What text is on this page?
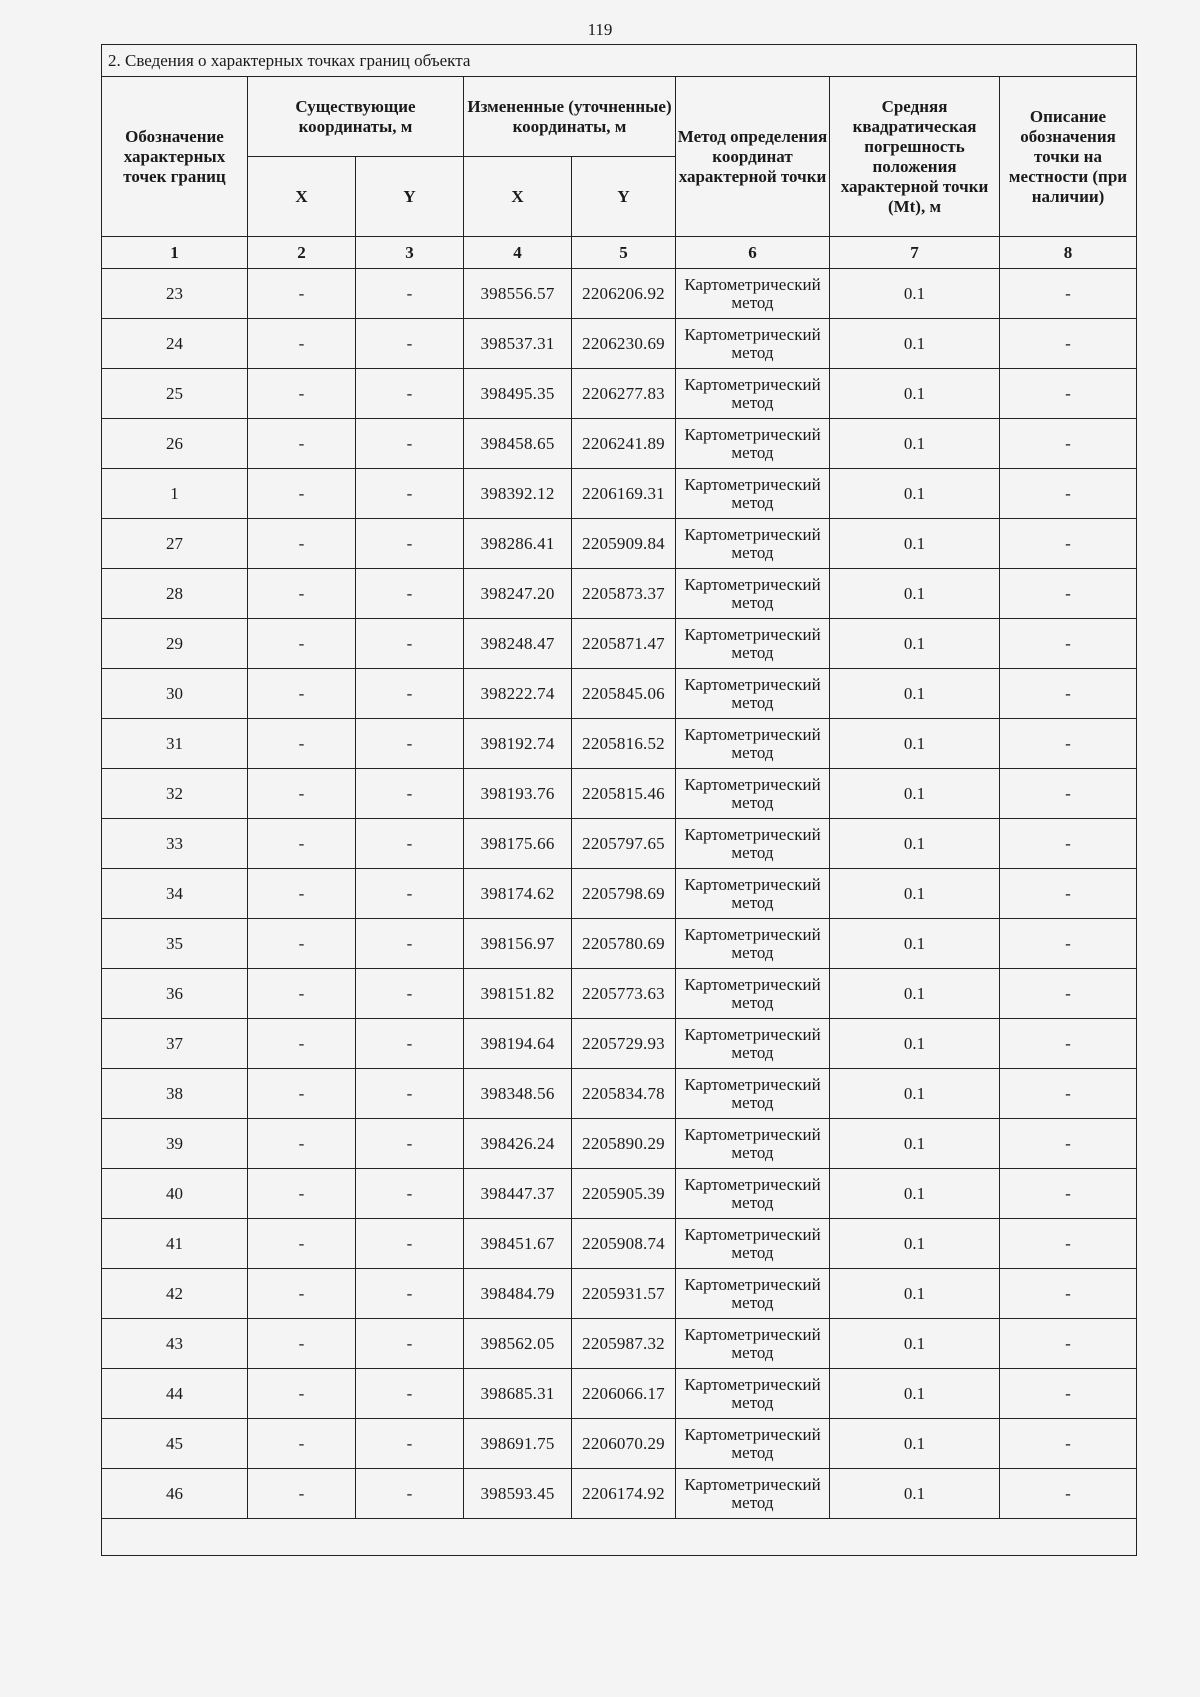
119
2. Сведения о характерных точках границ объекта							
Обозначение характерных точек границ	Существующие координаты, м		Измененные (уточненные) координаты, м		Метод определения координат характерной точки	Средняя квадратическая погрешность положения характерной точки (Mt), м	Описание обозначения точки на местности (при наличии)
	X	Y	X	Y			
1	2	3	4	5	6	7	8
23	-	-	398556.57	2206206.92	Картометрический метод	0.1	-
24	-	-	398537.31	2206230.69	Картометрический метод	0.1	-
25	-	-	398495.35	2206277.83	Картометрический метод	0.1	-
26	-	-	398458.65	2206241.89	Картометрический метод	0.1	-
1	-	-	398392.12	2206169.31	Картометрический метод	0.1	-
27	-	-	398286.41	2205909.84	Картометрический метод	0.1	-
28	-	-	398247.20	2205873.37	Картометрический метод	0.1	-
29	-	-	398248.47	2205871.47	Картометрический метод	0.1	-
30	-	-	398222.74	2205845.06	Картометрический метод	0.1	-
31	-	-	398192.74	2205816.52	Картометрический метод	0.1	-
32	-	-	398193.76	2205815.46	Картометрический метод	0.1	-
33	-	-	398175.66	2205797.65	Картометрический метод	0.1	-
34	-	-	398174.62	2205798.69	Картометрический метод	0.1	-
35	-	-	398156.97	2205780.69	Картометрический метод	0.1	-
36	-	-	398151.82	2205773.63	Картометрический метод	0.1	-
37	-	-	398194.64	2205729.93	Картометрический метод	0.1	-
38	-	-	398348.56	2205834.78	Картометрический метод	0.1	-
39	-	-	398426.24	2205890.29	Картометрический метод	0.1	-
40	-	-	398447.37	2205905.39	Картометрический метод	0.1	-
41	-	-	398451.67	2205908.74	Картометрический метод	0.1	-
42	-	-	398484.79	2205931.57	Картометрический метод	0.1	-
43	-	-	398562.05	2205987.32	Картометрический метод	0.1	-
44	-	-	398685.31	2206066.17	Картометрический метод	0.1	-
45	-	-	398691.75	2206070.29	Картометрический метод	0.1	-
46	-	-	398593.45	2206174.92	Картометрический метод	0.1	-
